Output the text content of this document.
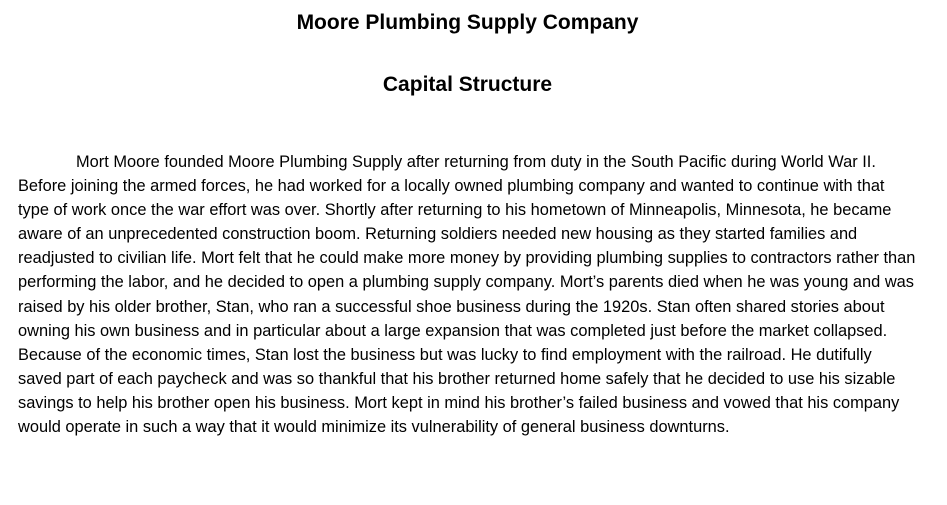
Moore Plumbing Supply Company
Capital Structure

Mort Moore founded Moore Plumbing Supply after returning from duty in the South Pacific during World War II. Before joining the armed forces, he had worked for a locally owned plumbing company and wanted to continue with that type of work once the war effort was over. Shortly after returning to his hometown of Minneapolis, Minnesota, he became aware of an unprecedented construction boom. Returning soldiers needed new housing as they started families and readjusted to civilian life. Mort felt that he could make more money by providing plumbing supplies to contractors rather than performing the labor, and he decided to open a plumbing supply company. Mort’s parents died when he was young and was raised by his older brother, Stan, who ran a successful shoe business during the 1920s. Stan often shared stories about owning his own business and in particular about a large expansion that was completed just before the market collapsed. Because of the economic times, Stan lost the business but was lucky to find employment with the railroad. He dutifully saved part of each paycheck and was so thankful that his brother returned home safely that he decided to use his sizable savings to help his brother open his business. Mort kept in mind his brother’s failed business and vowed that his company would operate in such a way that it would minimize its vulnerability of general business downturns.
